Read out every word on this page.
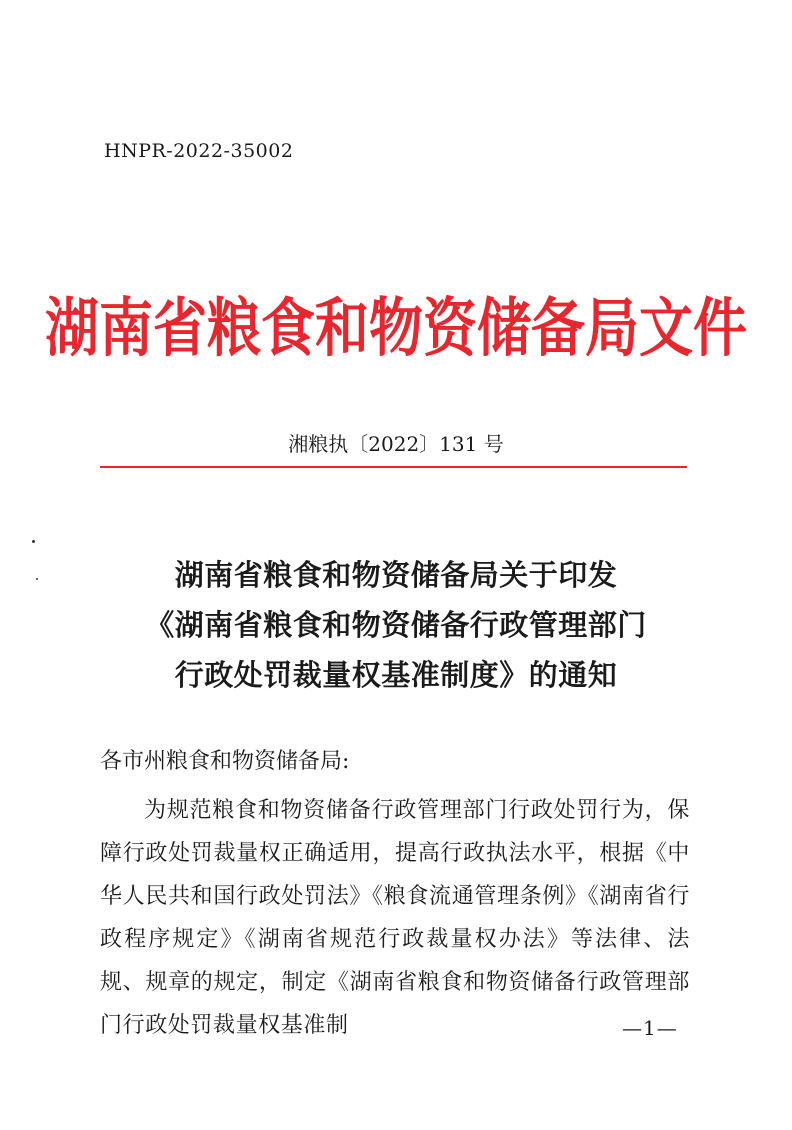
HNPR-2022-35002
湖南省粮食和物资储备局文件
湘粮执〔2022〕131 号
湖南省粮食和物资储备局关于印发
《湖南省粮食和物资储备行政管理部门
行政处罚裁量权基准制度》的通知
各市州粮食和物资储备局:

为规范粮食和物资储备行政管理部门行政处罚行为，保障行政处罚裁量权正确适用，提高行政执法水平，根据《中华人民共和国行政处罚法》《粮食流通管理条例》《湖南省行政程序规定》《湖南省规范行政裁量权办法》等法律、法规、规章的规定，制定《湖南省粮食和物资储备行政管理部门行政处罚裁量权基准制	—1—
